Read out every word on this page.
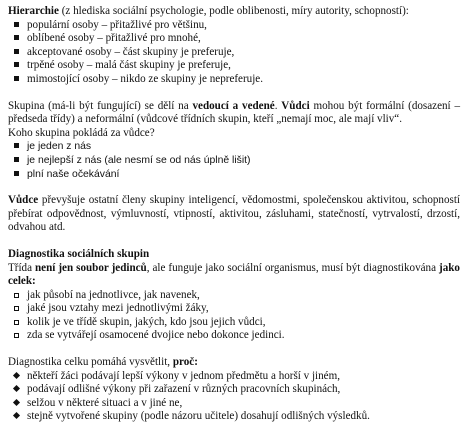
Hierarchie (z hlediska sociální psychologie, podle oblibenosti, míry autority, schopností):

populární osoby – přitažlivé pro většinu,
oblíbené osoby – přitažlivé pro mnohé,
akceptované osoby – část skupiny je preferuje,
trpěné osoby – malá část skupiny je preferuje,
mimostojící osoby – nikdo ze skupiny je nepreferuje.

Skupina (má-li být fungující) se dělí na vedoucí a vedené. Vůdci mohou být formální (dosazení – předseda třídy) a neformální (vůdcové třídních skupin, kteří „nemají moc, ale mají vliv“.

Koho skupina pokládá za vůdce?

je jeden z nás
je nejlepší z nás (ale nesmí se od nás úplně lišit)
plní naše očekávání

Vůdce převyšuje ostatní členy skupiny inteligencí, vědomostmi, společenskou aktivitou, schopností přebírat odpovědnost, výmluvností, vtipností, aktivitou, zásluhami, statečností, vytrvalostí, drzostí, odvahou atd.

Diagnostika sociálních skupin

Třída není jen soubor jedinců, ale funguje jako sociální organismus, musí být diagnostikována jako celek:

jak působí na jednotlivce, jak navenek,
jaké jsou vztahy mezi jednotlivými žáky,
kolik je ve třídě skupin, jakých, kdo jsou jejich vůdci,
zda se vytvářejí osamocené dvojice nebo dokonce jedinci.

Diagnostika celku pomáhá vysvětlit, proč:

někteří žáci podávají lepší výkony v jednom předmětu a horší v jiném,
podávají odlišné výkony při zařazení v různých pracovních skupinách,
selžou v některé situaci a v jiné ne,
stejně vytvořené skupiny (podle názoru učitele) dosahují odlišných výsledků.
